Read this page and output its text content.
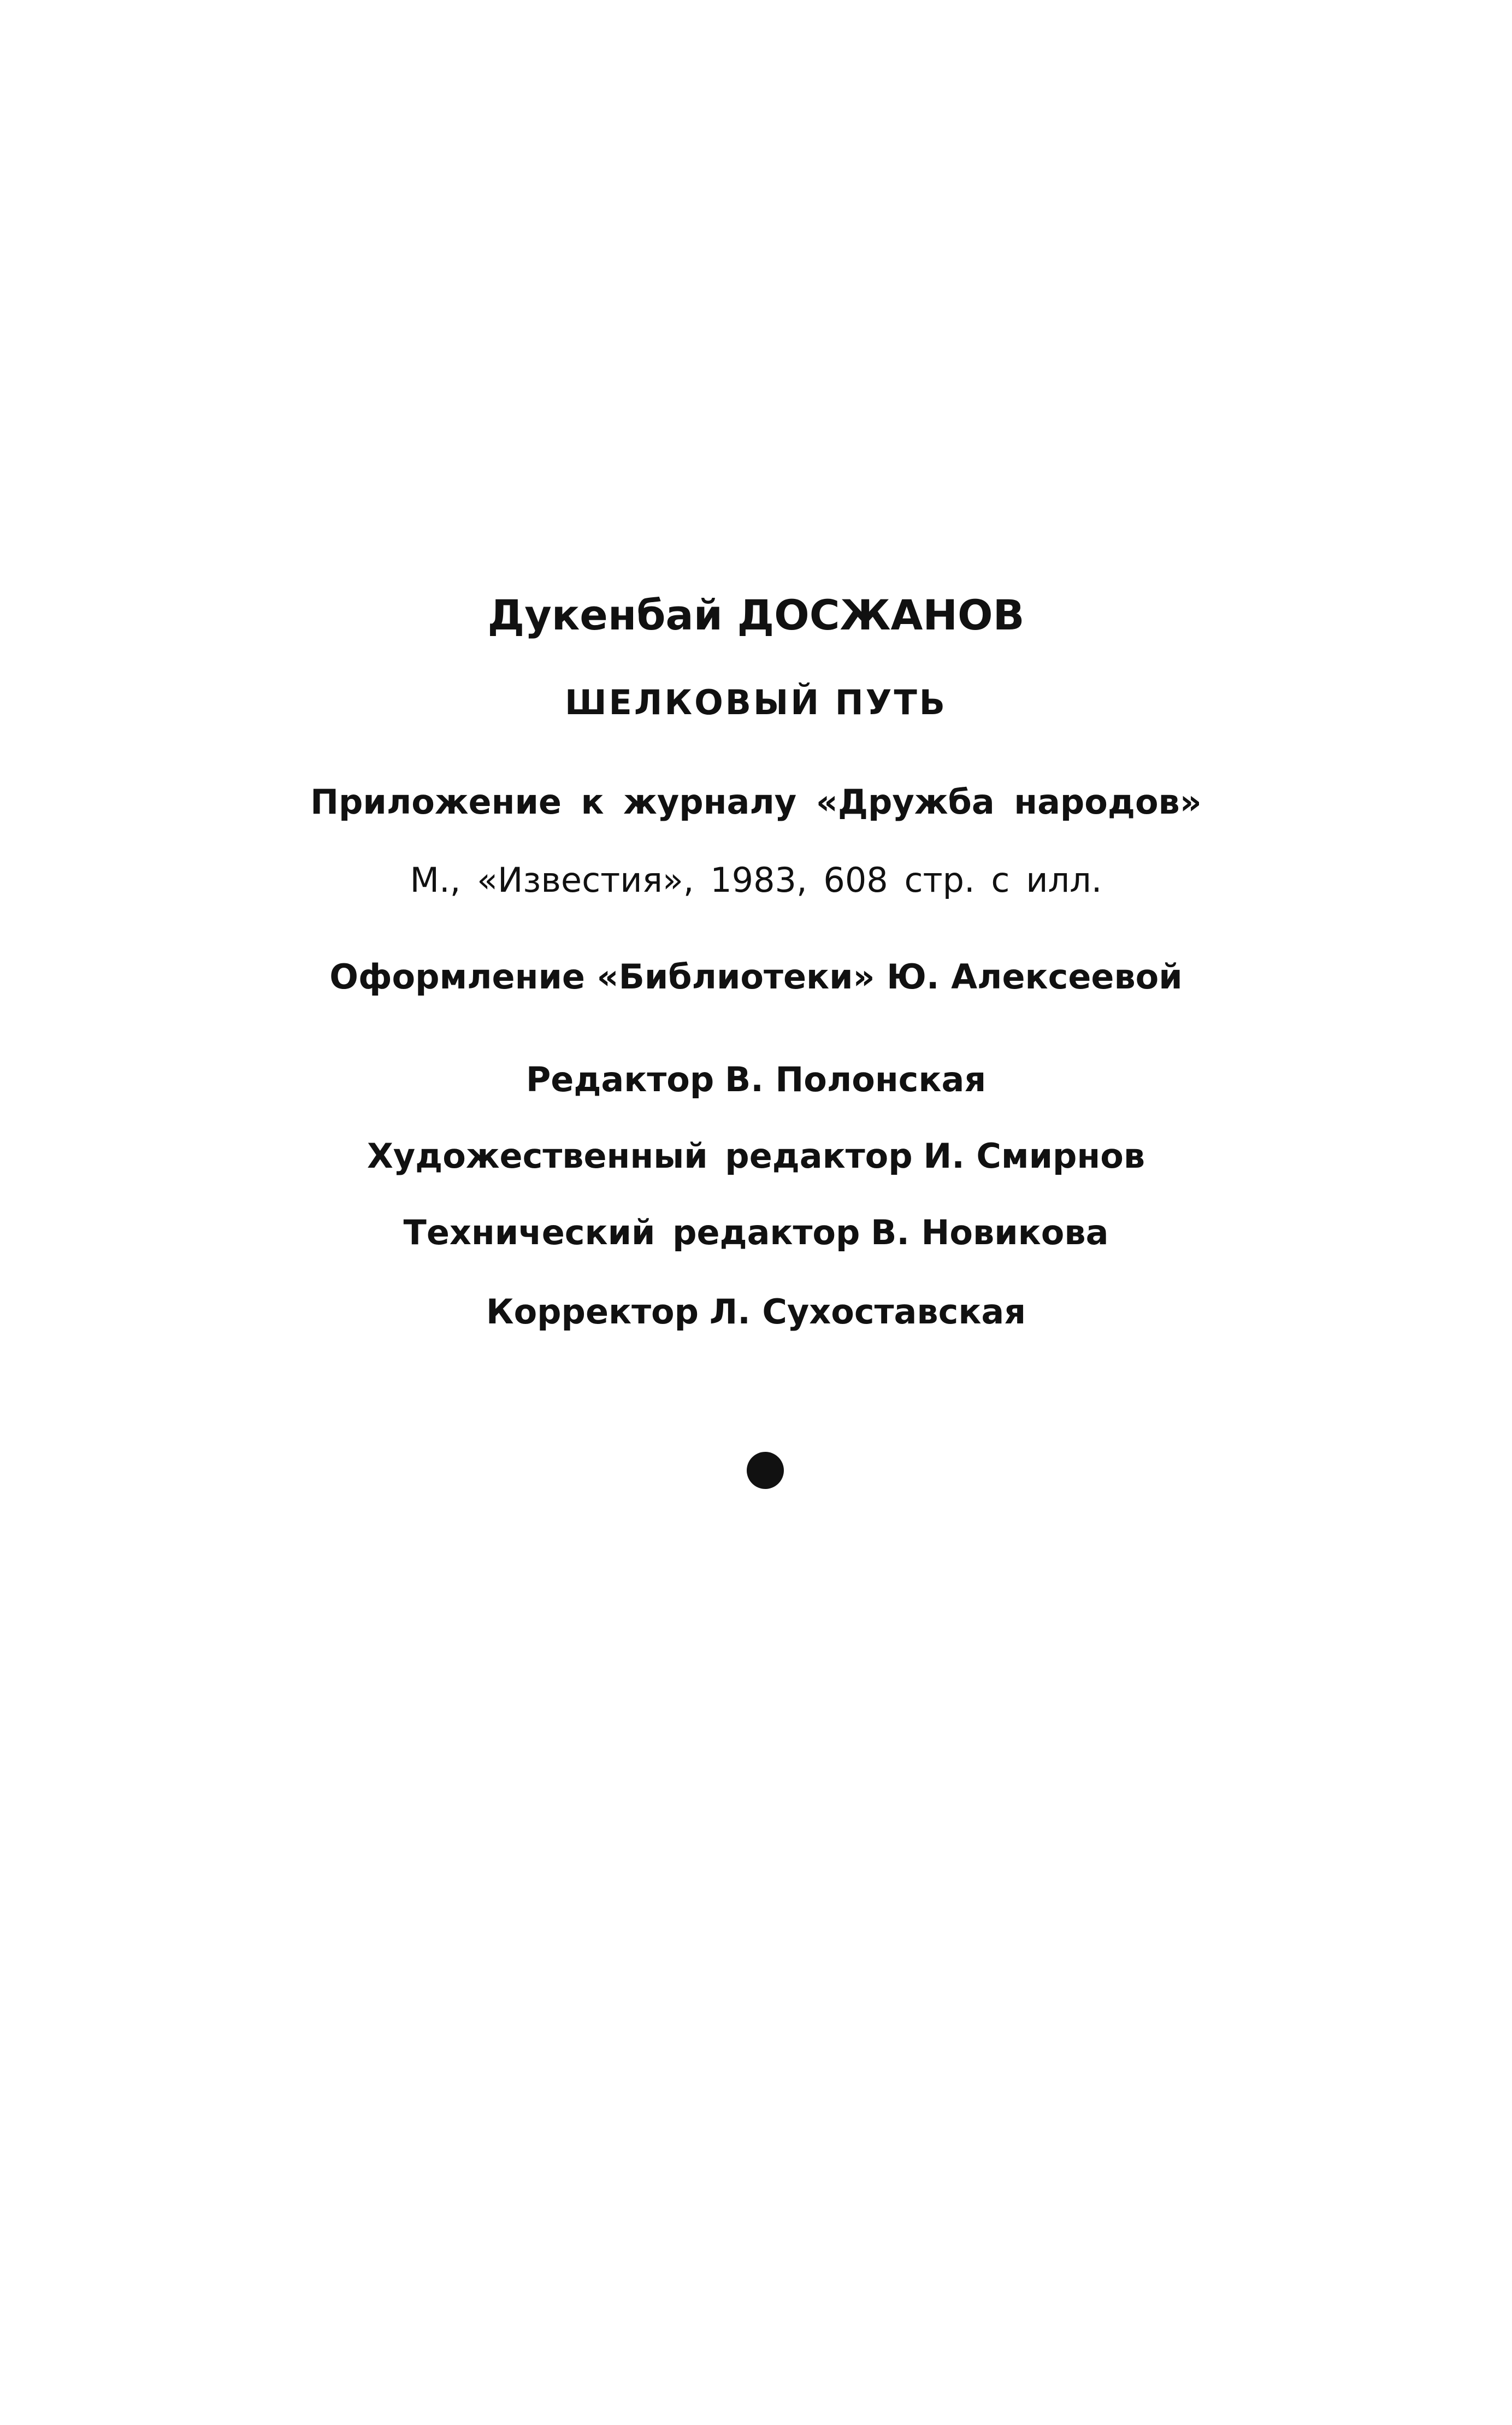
Дукенбай ДОСЖАНОВ
ШЕЛКОВЫЙ ПУТЬ
Приложение к журналу «Дружба народов»
М., «Известия», 1983, 608 стр. с илл.
Оформление «Библиотеки» Ю. Алексеевой
Редактор В. Полонская
Художественный редактор И. Смирнов
Технический редактор В. Новикова
Корректор Л. Сухоставская
